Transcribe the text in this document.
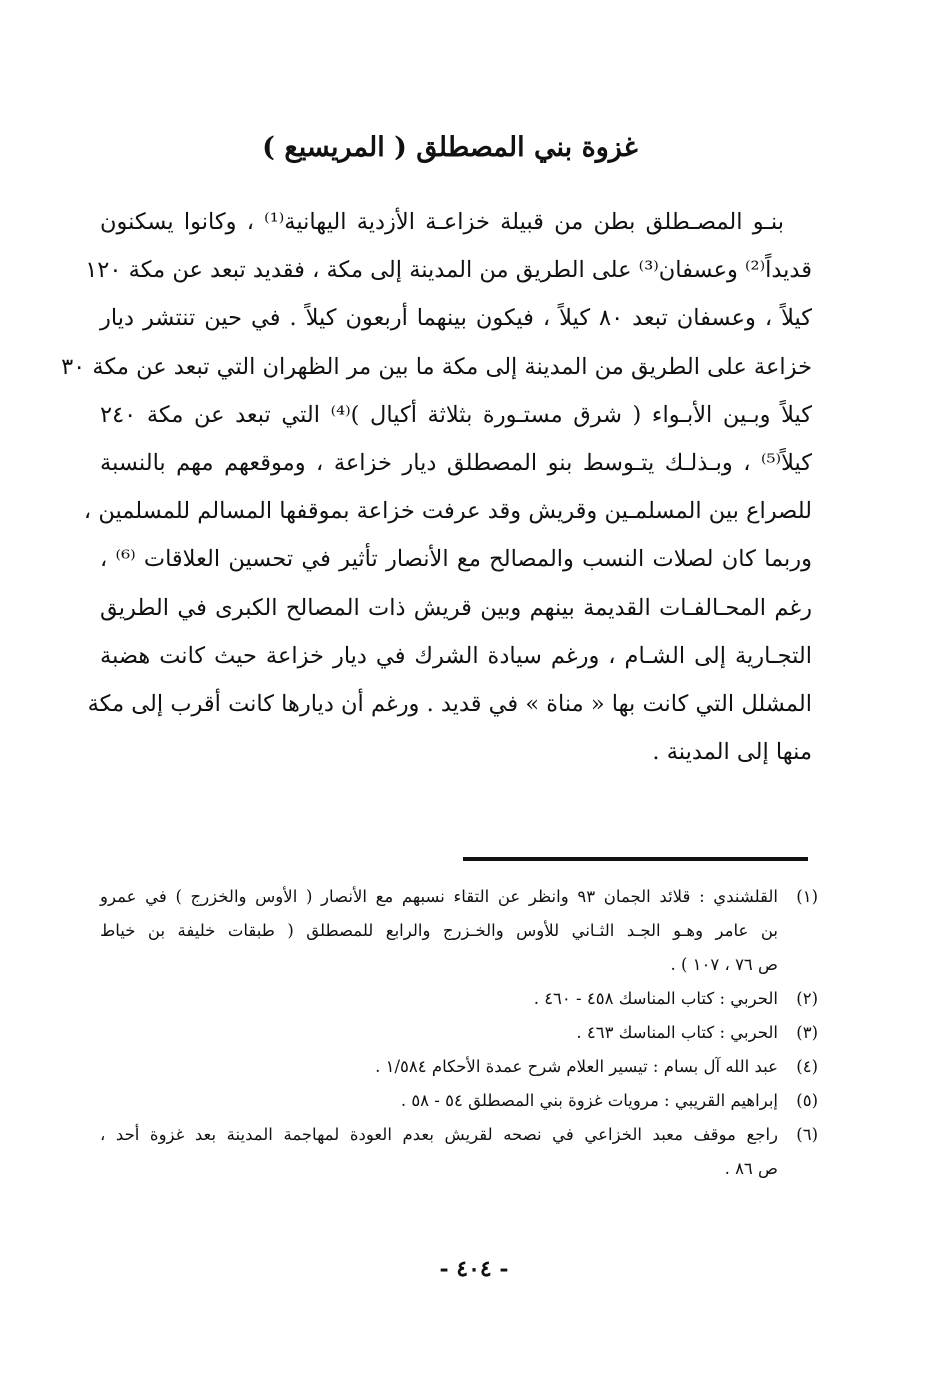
غزوة بني المصطلق ( المريسيع )
بنـو المصـطلق بطن من قبيلة خزاعـة الأزدية اليهانية⁽¹⁾ ، وكانوا يسكنون
قديداً⁽²⁾ وعسفان⁽³⁾ على الطريق من المدينة إلى مكة ، فقديد تبعد عن مكة ١٢٠
كيلاً ، وعسفان تبعد ٨٠ كيلاً ، فيكون بينهما أربعون كيلاً . في حين تنتشر ديار
خزاعة على الطريق من المدينة إلى مكة ما بين مر الظهران التي تبعد عن مكة ٣٠
كيلاً وبـين الأبـواء ( شرق مستـورة بثلاثة أكيال )⁽⁴⁾ التي تبعد عن مكة ٢٤٠
كيلاً⁽⁵⁾ ، وبـذلـك يتـوسط بنو المصطلق ديار خزاعة ، وموقعهم مهم بالنسبة
للصراع بين المسلمـين وقريش وقد عرفت خزاعة بموقفها المسالم للمسلمين ،
وربما كان لصلات النسب والمصالح مع الأنصار تأثير في تحسين العلاقات ⁽⁶⁾ ،
رغم المحـالفـات القديمة بينهم وبين قريش ذات المصالح الكبرى في الطريق
التجـارية إلى الشـام ، ورغم سيادة الشرك في ديار خزاعة حيث كانت هضبة
المشلل التي كانت بها « مناة » في قديد . ورغم أن ديارها كانت أقرب إلى مكة
منها إلى المدينة .
(١)
القلشندي : قلائد الجمان ٩٣ وانظر عن التقاء نسبهم مع الأنصار ( الأوس والخزرج ) في عمرو
بن عامر وهـو الجـد الثـاني للأوس والخـزرج والرابع للمصطلق ( طبقات خليفة بن خياط
ص ٧٦ ، ١٠٧ ) .
(٢)
الحربي : كتاب المناسك ٤٥٨ - ٤٦٠ .
(٣)
الحربي : كتاب المناسك ٤٦٣ .
(٤)
عبد الله آل بسام : تيسير العلام شرح عمدة الأحكام ١/٥٨٤ .
(٥)
إبراهيم القريبي : مرويات غزوة بني المصطلق ٥٤ - ٥٨ .
(٦)
راجع موقف معبد الخزاعي في نصحه لقريش بعدم العودة لمهاجمة المدينة بعد غزوة أحد ،
ص ٨٦ .
- ٤٠٤ -
